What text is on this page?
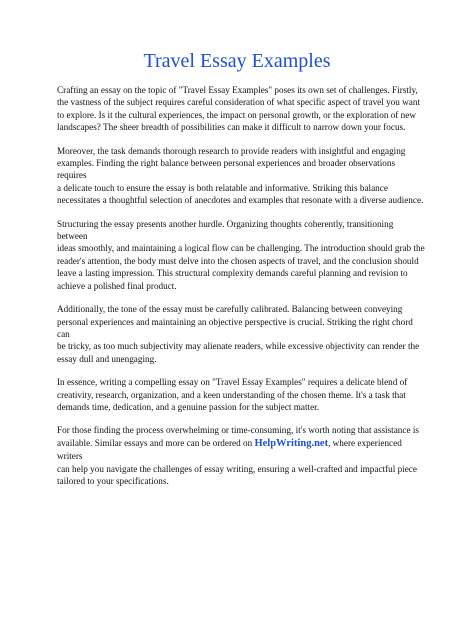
Travel Essay Examples

Crafting an essay on the topic of "Travel Essay Examples" poses its own set of challenges. Firstly,
the vastness of the subject requires careful consideration of what specific aspect of travel you want
to explore. Is it the cultural experiences, the impact on personal growth, or the exploration of new
landscapes? The sheer breadth of possibilities can make it difficult to narrow down your focus.

Moreover, the task demands thorough research to provide readers with insightful and engaging
examples. Finding the right balance between personal experiences and broader observations requires
a delicate touch to ensure the essay is both relatable and informative. Striking this balance
necessitates a thoughtful selection of anecdotes and examples that resonate with a diverse audience.

Structuring the essay presents another hurdle. Organizing thoughts coherently, transitioning between
ideas smoothly, and maintaining a logical flow can be challenging. The introduction should grab the
reader's attention, the body must delve into the chosen aspects of travel, and the conclusion should
leave a lasting impression. This structural complexity demands careful planning and revision to
achieve a polished final product.

Additionally, the tone of the essay must be carefully calibrated. Balancing between conveying
personal experiences and maintaining an objective perspective is crucial. Striking the right chord can
be tricky, as too much subjectivity may alienate readers, while excessive objectivity can render the
essay dull and unengaging.

In essence, writing a compelling essay on "Travel Essay Examples" requires a delicate blend of
creativity, research, organization, and a keen understanding of the chosen theme. It's a task that
demands time, dedication, and a genuine passion for the subject matter.

For those finding the process overwhelming or time-consuming, it's worth noting that assistance is
available. Similar essays and more can be ordered on HelpWriting.net, where experienced writers
can help you navigate the challenges of essay writing, ensuring a well-crafted and impactful piece
tailored to your specifications.
